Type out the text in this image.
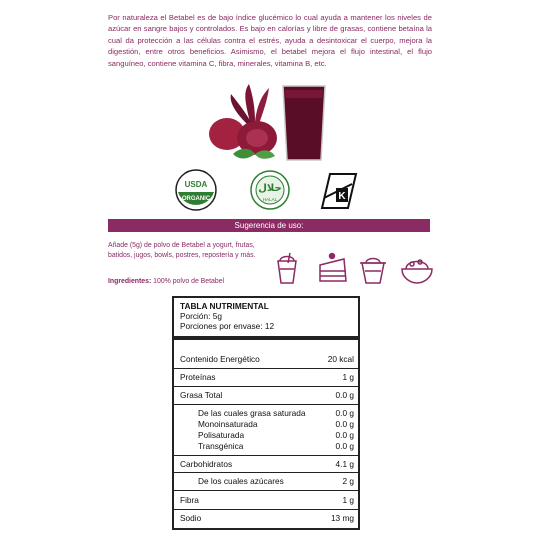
Por naturaleza el Betabel es de bajo índice glucémico lo cual ayuda a mantener los niveles de azúcar en sangre bajos y controlados. Es bajo en calorías y libre de grasas, contiene betaína la cual da protección a las células contra el estrés, ayuda a desintoxicar el cuerpo, mejora la digestión, entre otros beneficios. Asimismo, el betabel mejora el flujo intestinal, el flujo sanguíneo, contiene vitamina C, fibra, minerales, vitamina B, etc.

USDA
ORGANIC
حلال
HALAL	K
Sugerencia de uso:

Añade (5g) de polvo de Betabel a yogurt, frutas, batidos, jugos, bowls, postres, repostería y más.

Ingredientes: 100% polvo de Betabel

TABLA NUTRIMENTAL
Porción: 5g
Porciones por envase: 12
Contenido Energético	20 kcal
Proteínas	1 g
Grasa Total	0.0 g
De las cuales grasa saturada	0.0 g
Monoinsaturada	0.0 g
Polisaturada	0.0 g
Transgénica	0.0 g
Carbohidratos	4.1 g
De los cuales azúcares	2 g
Fibra	1 g
Sodio	13 mg
